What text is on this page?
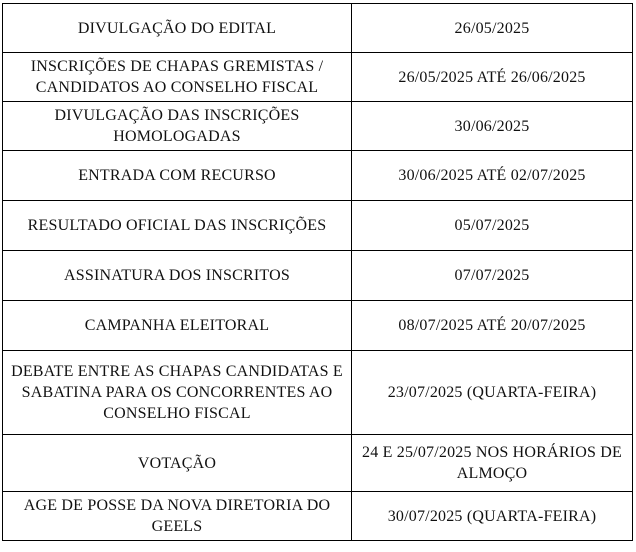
DIVULGAÇÃO DO EDITAL	26/05/2025
INSCRIÇÕES DE CHAPAS GREMISTAS / CANDIDATOS AO CONSELHO FISCAL	26/05/2025 ATÉ 26/06/2025
DIVULGAÇÃO DAS INSCRIÇÕES HOMOLOGADAS	30/06/2025
ENTRADA COM RECURSO	30/06/2025 ATÉ 02/07/2025
RESULTADO OFICIAL DAS INSCRIÇÕES	05/07/2025
ASSINATURA DOS INSCRITOS	07/07/2025
CAMPANHA ELEITORAL	08/07/2025 ATÉ 20/07/2025
DEBATE ENTRE AS CHAPAS CANDIDATAS E SABATINA PARA OS CONCORRENTES AO CONSELHO FISCAL	23/07/2025 (QUARTA-FEIRA)
VOTAÇÃO	24 E 25/07/2025 NOS HORÁRIOS DE ALMOÇO
AGE DE POSSE DA NOVA DIRETORIA DO GEELS	30/07/2025 (QUARTA-FEIRA)
